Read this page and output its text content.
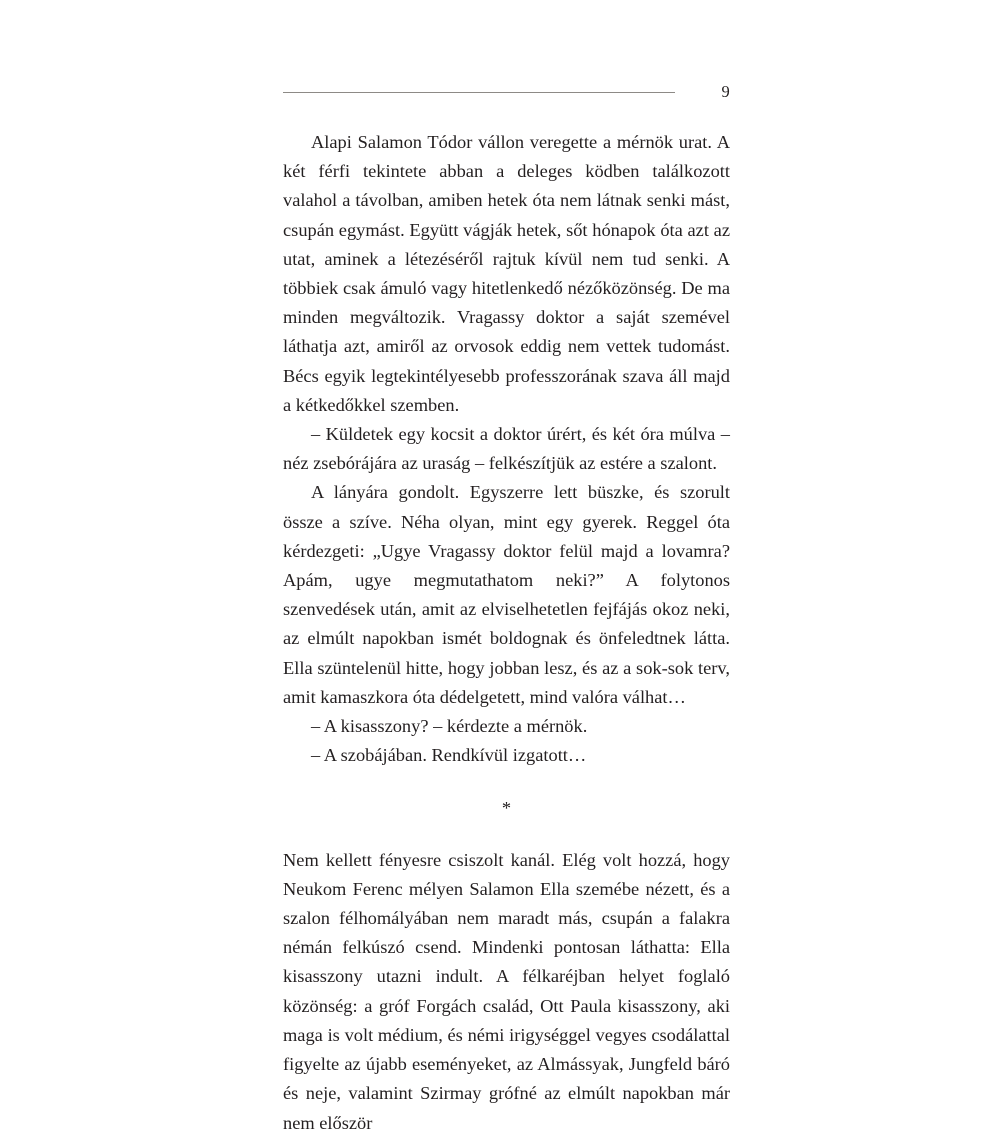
9

Alapi Salamon Tódor vállon veregette a mérnök urat. A két férfi tekintete abban a deleges ködben találkozott valahol a távolban, amiben hetek óta nem látnak senki mást, csupán egymást. Együtt vágják hetek, sőt hónapok óta azt az utat, aminek a létezéséről rajtuk kívül nem tud senki. A többiek csak ámuló vagy hitetlenkedő nézőközönség. De ma minden megváltozik. Vragassy doktor a saját szemével láthatja azt, amiről az orvosok eddig nem vettek tudomást. Bécs egyik legtekintélyesebb professzorának szava áll majd a kétkedőkkel szemben.

– Küldetek egy kocsit a doktor úrért, és két óra múlva – néz zsebórájára az uraság – felkészítjük az estére a szalont.

A lányára gondolt. Egyszerre lett büszke, és szorult össze a szíve. Néha olyan, mint egy gyerek. Reggel óta kérdezgeti: „Ugye Vragassy doktor felül majd a lovamra? Apám, ugye megmutathatom neki?” A folytonos szenvedések után, amit az elviselhetetlen fejfájás okoz neki, az elmúlt napokban ismét boldognak és önfeledtnek látta. Ella szüntelenül hitte, hogy jobban lesz, és az a sok-sok terv, amit kamaszkora óta dédelgetett, mind valóra válhat…

– A kisasszony? – kérdezte a mérnök.

– A szobájában. Rendkívül izgatott…

*

Nem kellett fényesre csiszolt kanál. Elég volt hozzá, hogy Neukom Ferenc mélyen Salamon Ella szemébe nézett, és a szalon félhomályában nem maradt más, csupán a falakra némán felkúszó csend. Mindenki pontosan láthatta: Ella kisasszony utazni indult. A félkaréjban helyet foglaló közönség: a gróf Forgách család, Ott Paula kisasszony, aki maga is volt médium, és némi irigységgel vegyes csodálattal figyelte az újabb eseményeket, az Almássyak, Jungfeld báró és neje, valamint Szirmay grófné az elmúlt napokban már nem először
